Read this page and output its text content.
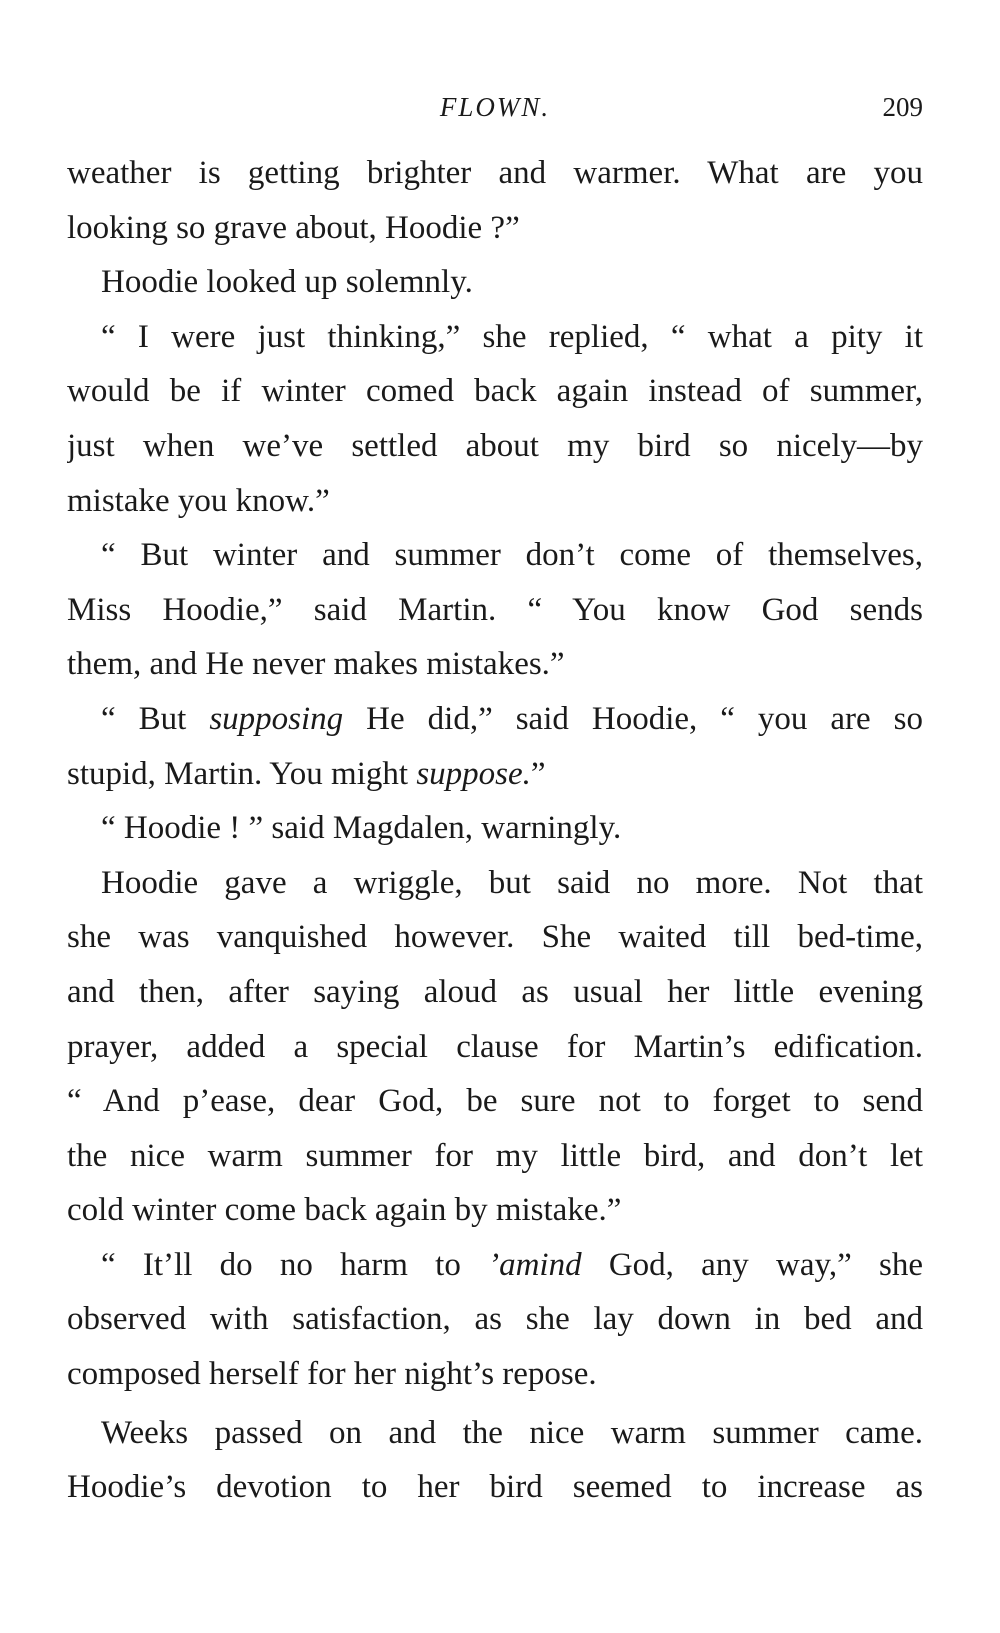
FLOWN.	209
weather is getting brighter and warmer. What are you
looking so grave about, Hoodie ?”
Hoodie looked up solemnly.
“ I were just thinking,” she replied, “ what a pity it
would be if winter comed back again instead of summer,
just when we’ve settled about my bird so nicely—by
mistake you know.”
“ But winter and summer don’t come of themselves,
Miss Hoodie,” said Martin. “ You know God sends
them, and He never makes mistakes.”
“ But supposing He did,” said Hoodie, “ you are so
stupid, Martin. You might suppose.”
“ Hoodie ! ” said Magdalen, warningly.
Hoodie gave a wriggle, but said no more. Not that
she was vanquished however. She waited till bed-time,
and then, after saying aloud as usual her little evening
prayer, added a special clause for Martin’s edification.
“ And p’ease, dear God, be sure not to forget to send
the nice warm summer for my little bird, and don’t let
cold winter come back again by mistake.”
“ It’ll do no harm to ’amind God, any way,” she
observed with satisfaction, as she lay down in bed and
composed herself for her night’s repose.
Weeks passed on and the nice warm summer came.
Hoodie’s devotion to her bird seemed to increase as
